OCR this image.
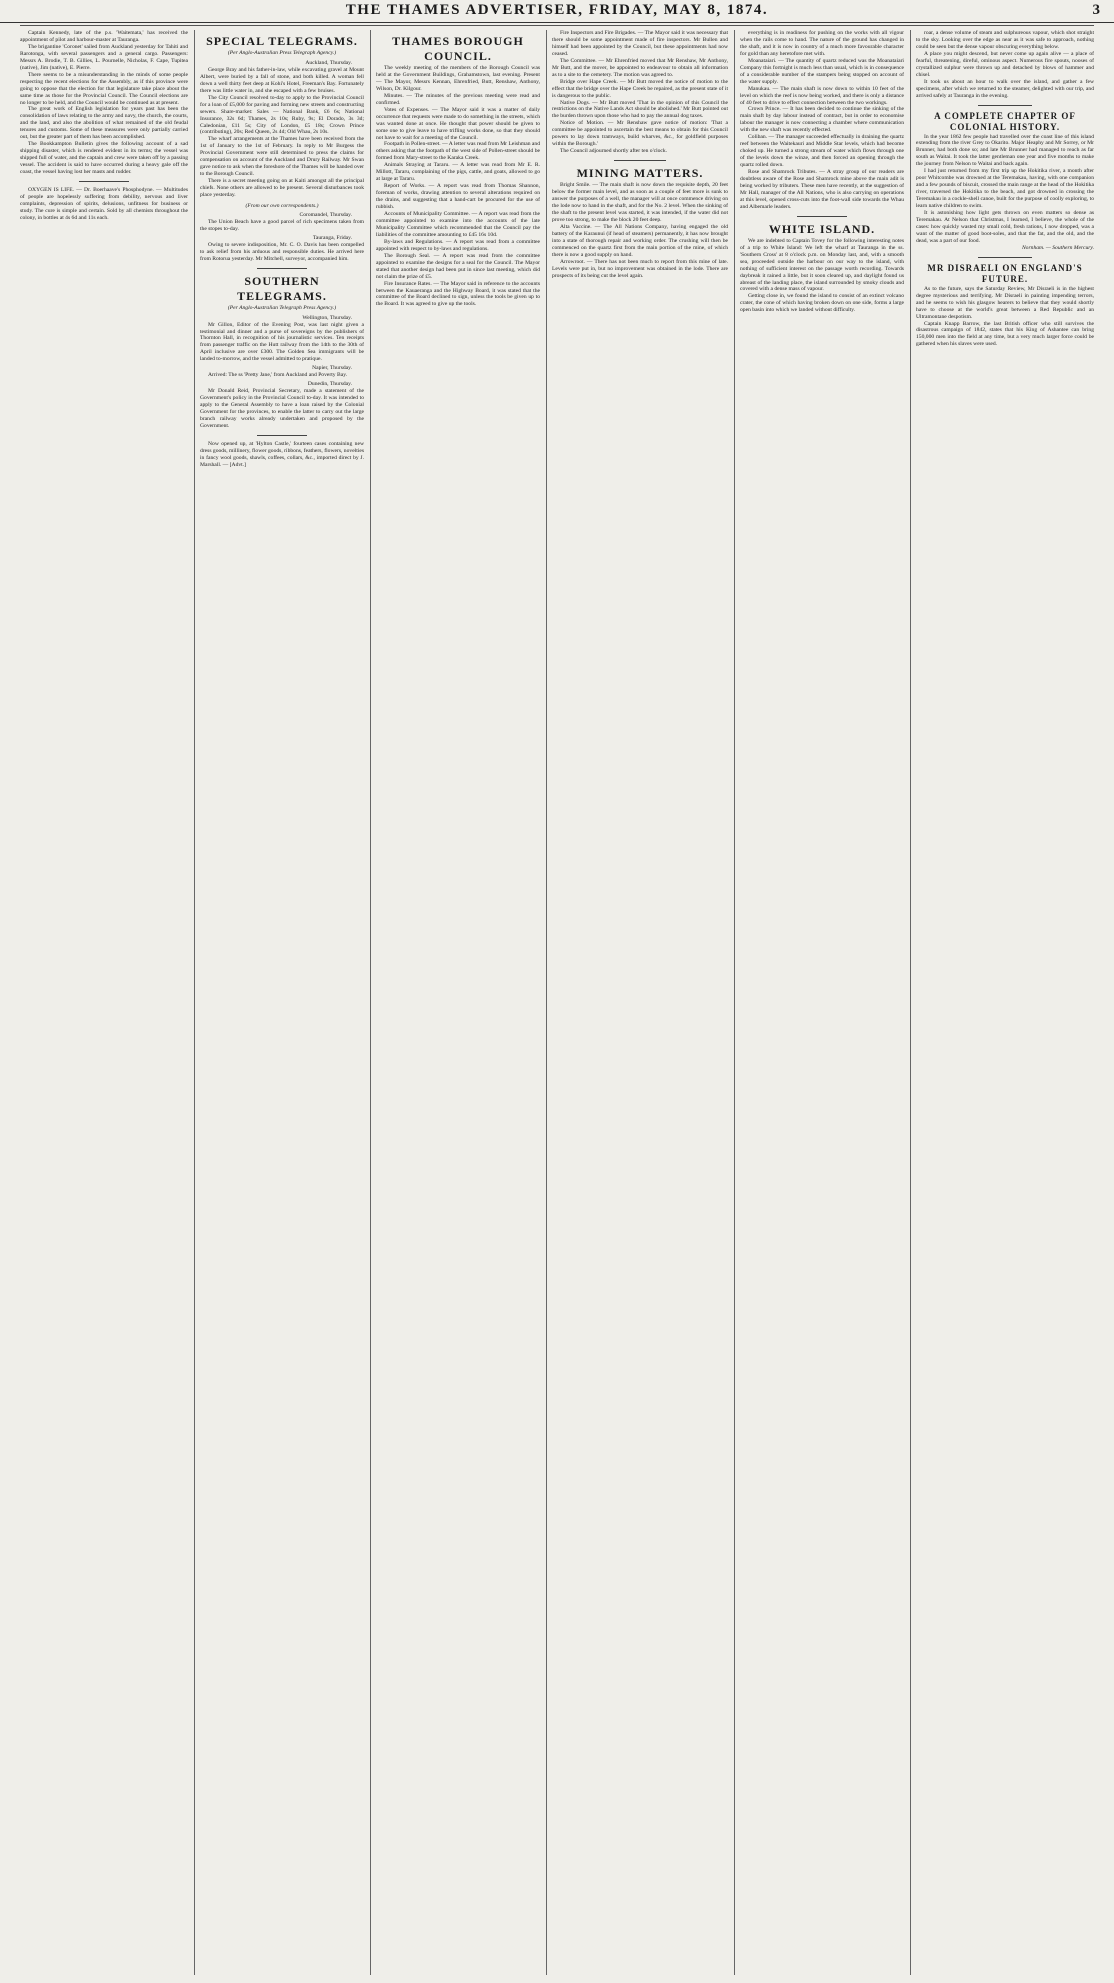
THE THAMES ADVERTISER, FRIDAY, MAY 8, 1874.	3

Captain Kennedy, late of the p.s. 'Waitemata,' has received the appointment of pilot and harbour-master at Tauranga.

The brigantine 'Coronet' sailed from Auckland yesterday for Tahiti and Rarotonga, with several passengers and a general cargo. Passengers: Messrs A. Brodie, T. B. Gillies, L. Pournelle, Nicholas, F. Cape, Tupitea (native), Jim (native), E. Pierre.

There seems to be a misunderstanding in the minds of some people respecting the recent elections for the Assembly, as if this province were going to oppose that the election for that legislature take place about the same time as those for the Provincial Council. The Council elections are no longer to be held, and the Council would be continued as at present.

The great work of English legislation for years past has been the consolidation of laws relating to the army and navy, the church, the courts, and the land, and also the abolition of what remained of the old feudal tenures and customs. Some of these measures were only partially carried out, but the greater part of them has been accomplished.

The Bookkampton Bulletin gives the following account of a sad shipping disaster, which is rendered evident in its terms; the vessel was shipped full of water, and the captain and crew were taken off by a passing vessel. The accident is said to have occurred during a heavy gale off the coast, the vessel having lost her masts and rudder.

OXYGEN IS LIFE. — Dr. Boerhaave's Phosphodyne. — Multitudes of people are hopelessly suffering from debility, nervous and liver complaints, depression of spirits, delusions, unfitness for business or study. The cure is simple and certain. Sold by all chemists throughout the colony, in bottles at 4s 6d and 11s each.

SPECIAL TELEGRAMS.
(Per Anglo-Australian Press Telegraph Agency.)
Auckland, Thursday.

George Bray and his father-in-law, while excavating gravel at Mount Albert, were buried by a fall of stone, and both killed. A woman fell down a well thirty feet deep at Kohi's Hotel, Freeman's Bay. Fortunately there was little water in, and she escaped with a few bruises.

The City Council resolved to-day to apply to the Provincial Council for a loan of £5,000 for paving and forming new streets and constructing sewers. Share-market: Sales — National Bank, £6 6s; National Insurance, 32s 6d; Thames, 2s 10s; Ruby, 9s; El Dorado, 3s 3d; Caledonian, £11 5s; City of London, £5 18s; Crown Prince (contributing), 20s; Red Queen, 2s 4d; Old Whau, 2s 10s.

The wharf arrangements at the Thames have been received from the 1st of January to the 1st of February. In reply to Mr Burgess the Provincial Government were still determined to press the claims for compensation on account of the Auckland and Drury Railway. Mr Swan gave notice to ask when the foreshore of the Thames will be handed over to the Borough Council.

There is a secret meeting going on at Kaiti amongst all the principal chiefs. None others are allowed to be present. Several disturbances took place yesterday.

(From our own correspondents.)
Coromandel, Thursday.

The Union Beach have a good parcel of rich specimens taken from the stopes to-day.

Tauranga, Friday.

Owing to severe indisposition, Mr. C. O. Davis has been compelled to ask relief from his arduous and responsible duties. He arrived here from Rotorua yesterday. Mr Mitchell, surveyor, accompanied him.

SOUTHERN TELEGRAMS.
(Per Anglo-Australian Telegraph Press Agency.)
Wellington, Thursday.

Mr Gillon, Editor of the Evening Post, was last night given a testimonial and dinner and a purse of sovereigns by the publishers of Thornton Hall, in recognition of his journalistic services. Ten receipts from passenger traffic on the Hutt railway from the 14th to the 30th of April inclusive are over £300. The Golden Sea immigrants will be landed to-morrow, and the vessel admitted to pratique.

Napier, Thursday.

Arrived: The ss 'Pretty Jane,' from Auckland and Poverty Bay.

Dunedin, Thursday.

Mr Donald Reid, Provincial Secretary, made a statement of the Government's policy in the Provincial Council to-day. It was intended to apply to the General Assembly to have a loan raised by the Colonial Government for the provinces, to enable the latter to carry out the large branch railway works already undertaken and proposed by the Government.

Now opened up, at 'Hylton Castle,' fourteen cases containing new dress goods, millinery, flower goods, ribbons, feathers, flowers, novelties in fancy wool goods, shawls, coffees, collars, &c., imported direct by J. Marshall. — [Advt.]

THAMES BOROUGH COUNCIL.

The weekly meeting of the members of the Borough Council was held at the Government Buildings, Grahamstown, last evening. Present — The Mayor, Messrs Kennan, Ehrenfried, Butt, Renshaw, Anthony, Wilson, Dr. Kilgour.

Minutes. — The minutes of the previous meeting were read and confirmed.

Votes of Expenses. — The Mayor said it was a matter of daily occurrence that requests were made to do something in the streets, which was wanted done at once. He thought that power should be given to some one to give leave to have trifling works done, so that they should not have to wait for a meeting of the Council.

Footpath in Pollen-street. — A letter was read from Mr Leishman and others asking that the footpath of the west side of Pollen-street should be formed from Mary-street to the Karaka Creek.

Animals Straying at Tararu. — A letter was read from Mr E. R. Millott, Tararu, complaining of the pigs, cattle, and goats, allowed to go at large at Tararu.

Report of Works. — A report was read from Thomas Shannon, foreman of works, drawing attention to several alterations required on the drains, and suggesting that a hand-cart be procured for the use of rubbish.

Accounts of Municipality Committee. — A report was read from the committee appointed to examine into the accounts of the late Municipality Committee which recommended that the Council pay the liabilities of the committee amounting to £45 16s 10d.

By-laws and Regulations. — A report was read from a committee appointed with respect to by-laws and regulations.

The Borough Seal. — A report was read from the committee appointed to examine the designs for a seal for the Council. The Mayor stated that another design had been put in since last meeting, which did not claim the prize of £5.

Fire Insurance Rates. — The Mayor said in reference to the accounts between the Kauaeranga and the Highway Board, it was stated that the committee of the Board declined to sign, unless the tools be given up to the Board. It was agreed to give up the tools.

Fire Inspectors and Fire Brigades. — The Mayor said it was necessary that there should be some appointment made of fire inspectors. Mr Bullen and himself had been appointed by the Council, but these appointments had now ceased.

The Committee. — Mr Ehrenfried moved that Mr Renshaw, Mr Anthony, Mr Butt, and the mover, be appointed to endeavour to obtain all information as to a site to the cemetery. The motion was agreed to.

Bridge over Hape Creek. — Mr Butt moved the notice of motion to the effect that the bridge over the Hape Creek be repaired, as the present state of it is dangerous to the public.

Native Dogs. — Mr Butt moved 'That in the opinion of this Council the restrictions on the Native Lands Act should be abolished.' Mr Butt pointed out the burden thrown upon those who had to pay the annual dog taxes.

Notice of Motion. — Mr Renshaw gave notice of motion: 'That a committee be appointed to ascertain the best means to obtain for this Council powers to lay down tramways, build wharves, &c., for goldfield purposes within the Borough.'

The Council adjourned shortly after ten o'clock.

MINING MATTERS.

Bright Smile. — The main shaft is now down the requisite depth, 20 feet below the former main level, and as soon as a couple of feet more is sunk to answer the purposes of a well, the manager will at once commence driving on the lode now to hand in the shaft, and for the No. 2 level. When the sinking of the shaft to the present level was started, it was intended, if the water did not prove too strong, to make the block 20 feet deep.

Alta Vaccine. — The All Nations Company, having engaged the old battery of the Karaunui (if head of steamers) permanently, it has now brought into a state of thorough repair and working order. The crushing will then be commenced on the quartz first from the main portion of the mine, of which there is now a good supply on hand.

Arrowroot. — There has not been much to report from this mine of late. Levels were put in, but no improvement was obtained in the lode. There are prospects of its being cut the level again.

everything is in readiness for pushing on the works with all vigour when the rails come to hand. The nature of the ground has changed in the shaft, and it is now in country of a much more favourable character for gold than any heretofore met with.

Moanataiari. — The quantity of quartz reduced was the Moanataiari Company this fortnight is much less than usual, which is in consequence of a considerable number of the stampers being stopped on account of the water supply.

Manukau. — The main shaft is now down to within 10 feet of the level on which the reef is now being worked, and there is only a distance of 40 feet to drive to effect connection between the two workings.

Crown Prince. — It has been decided to continue the sinking of the main shaft by day labour instead of contract, but in order to economise labour the manager is now connecting a chamber where communication with the new shaft was recently effected.

Coliban. — The manager succeeded effectually in draining the quartz reef between the Waitekauri and Middle Star levels, which had become choked up. He turned a strong stream of water which flows through one of the levels down the winze, and then forced an opening through the quartz rolled down.

Rose and Shamrock Tributes. — A stray group of our readers are doubtless aware of the Rose and Shamrock mine above the main adit is being worked by tributers. These men have recently, at the suggestion of Mr Hall, manager of the All Nations, who is also carrying on operations at this level, opened cross-cuts into the foot-wall side towards the Whau and Albemarle leaders.

WHITE ISLAND.

We are indebted to Captain Tovey for the following interesting notes of a trip to White Island: We left the wharf at Tauranga in the ss. 'Southern Cross' at 8 o'clock p.m. on Monday last, and, with a smooth sea, proceeded outside the harbour on our way to the island, with nothing of sufficient interest on the passage worth recording. Towards daybreak it rained a little, but it soon cleared up, and daylight found us abreast of the landing place, the island surrounded by smoky clouds and covered with a dense mass of vapour.

Getting close in, we found the island to consist of an extinct volcano crater, the cone of which having broken down on one side, forms a large open basin into which we landed without difficulty.

roar, a dense volume of steam and sulphureous vapour, which shot straight to the sky. Looking over the edge as near as it was safe to approach, nothing could be seen but the dense vapour obscuring everything below.

A place you might descend, but never come up again alive — a place of fearful, threatening, direful, ominous aspect. Numerous fire spouts, nooses of crystallized sulphur were thrown up and detached by blows of hammer and chisel.

It took us about an hour to walk over the island, and gather a few specimens, after which we returned to the steamer, delighted with our trip, and arrived safely at Tauranga in the evening.

A COMPLETE CHAPTER OF COLONIAL HISTORY.

In the year 1862 few people had travelled over the coast line of this island extending from the river Grey to Okarito. Major Heaphy and Mr Sorrey, or Mr Brunner, had both done so; and late Mr Brunner had managed to reach as far south as Waitai. It took the latter gentleman one year and five months to make the journey from Nelson to Waitai and back again.

I had just returned from my first trip up the Hokitika river, a month after poor Whitcombe was drowned at the Teremakau, having, with one companion and a few pounds of biscuit, crossed the main range at the head of the Hokitika river, traversed the Hokitika to the beach, and got drowned in crossing the Teremakau in a cockle-shell canoe, built for the purpose of coolly exploring, to learn native children to swim.

It is astonishing how light gets thrown on even matters so dense as Teremakau. At Nelson that Christmas, I learned, I believe, the whole of the cases: how quickly wasted my small cold, fresh rations, I now dropped, was a want of the matter of good boot-soles, and that the fat, and the old, and the dead, was a part of our food.

Nornham. — Southern Mercury.
MR DISRAELI ON ENGLAND'S FUTURE.

As to the future, says the Saturday Review, Mr Disraeli is in the highest degree mysterious and terrifying. Mr Disraeli in painting impending terrors, and he seems to wish his glasgow hearers to believe that they would shortly have to choose at the world's great between a Red Republic and an Ultramontane despotism.

Captain Knapp Barrow, the last British officer who still survives the disastrous campaign of 1842, states that his King of Ashantee can bring 150,000 men into the field at any time, but a very much larger force could be gathered when his slaves were used.
